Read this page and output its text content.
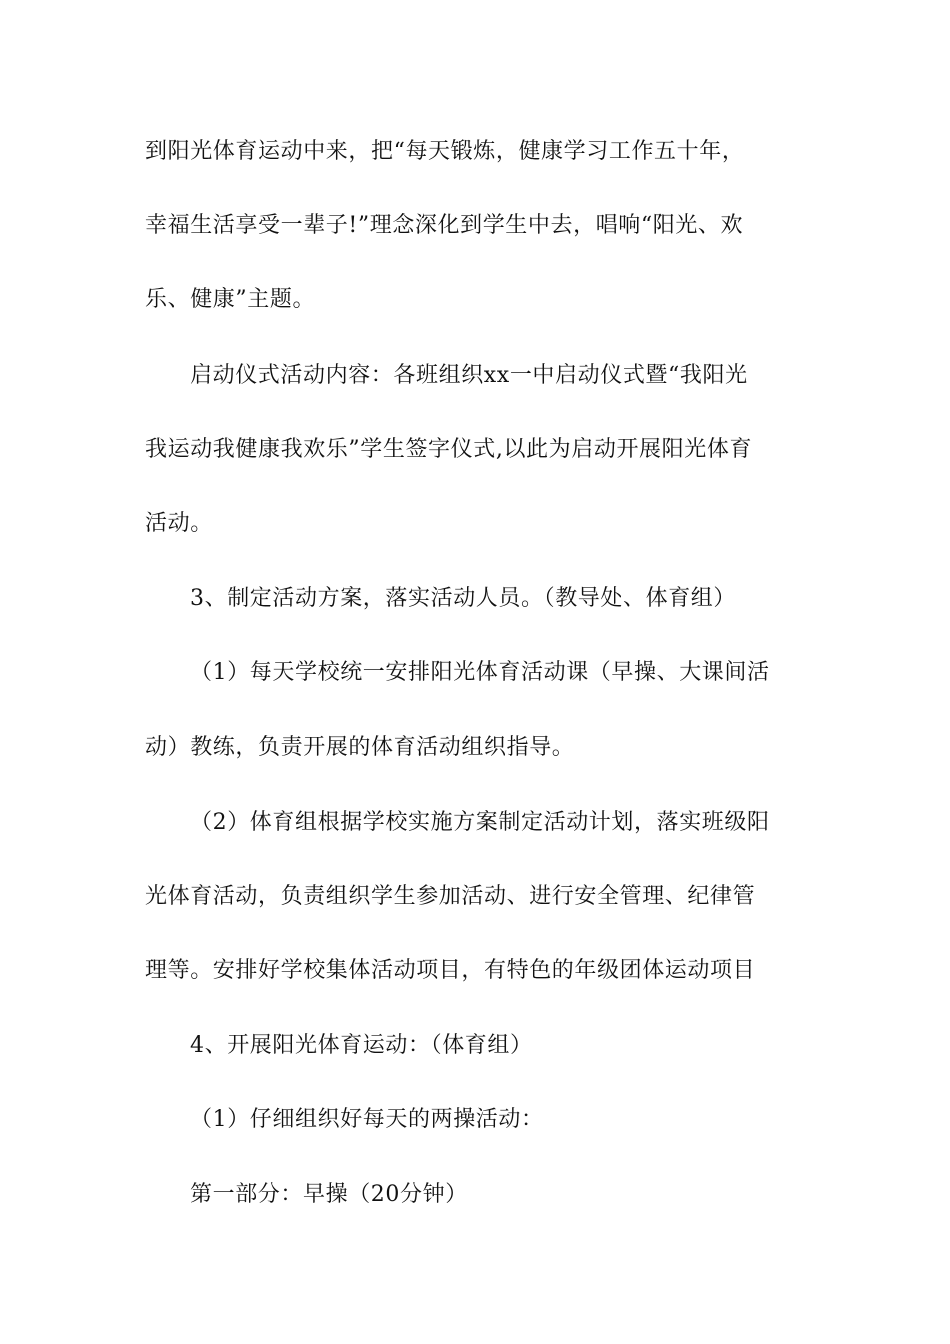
到阳光体育运动中来，把“每天锻炼，健康学习工作五十年，

幸福生活享受一辈子!”理念深化到学生中去，唱响“阳光、欢

乐、健康”主题。

启动仪式活动内容：各班组织xx一中启动仪式暨“我阳光

我运动我健康我欢乐”学生签字仪式,以此为启动开展阳光体育

活动。

3、制定活动方案，落实活动人员。（教导处、体育组）

（1）每天学校统一安排阳光体育活动课（早操、大课间活

动）教练，负责开展的体育活动组织指导。

（2）体育组根据学校实施方案制定活动计划，落实班级阳

光体育活动，负责组织学生参加活动、进行安全管理、纪律管

理等。安排好学校集体活动项目，有特色的年级团体运动项目

4、开展阳光体育运动：（体育组）

（1）仔细组织好每天的两操活动：

第一部分：早操（20分钟）
